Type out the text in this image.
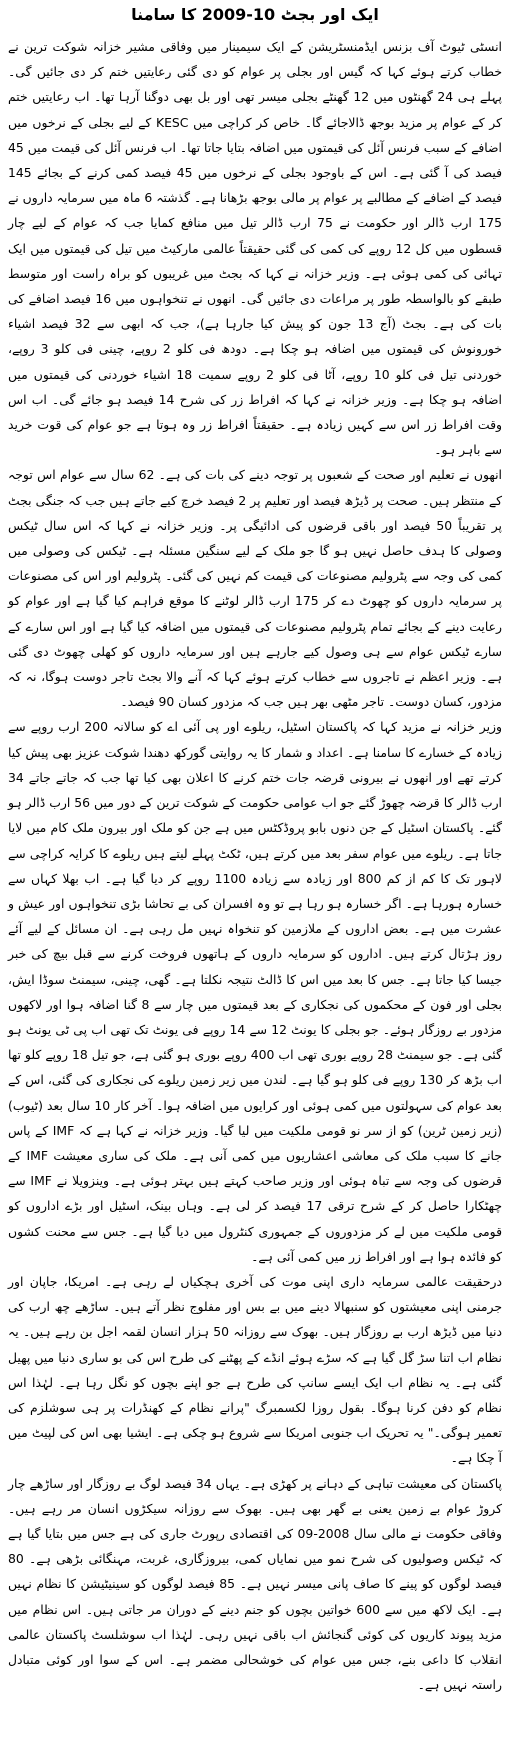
ایک اور بجٹ 10-2009 کا سامنا

انسٹی ٹیوٹ آف بزنس ایڈمنسٹریشن کے ایک سیمینار میں وفاقی مشیر خزانہ شوکت ترین نے خطاب کرتے ہوئے کہا کہ گیس اور بجلی پر عوام کو دی گئی رعایتیں ختم کر دی جائیں گی۔ پہلے ہی 24 گھنٹوں میں 12 گھنٹے بجلی میسر تھی اور بل بھی دوگنا آرہا تھا۔ اب رعایتیں ختم کر کے عوام پر مزید بوجھ ڈالاجائے گا۔ خاص کر کراچی میں KESC کے لیے بجلی کے نرخوں میں اضافے کے سبب فرنس آئل کی قیمتوں میں اضافہ بتایا جاتا تھا۔ اب فرنس آئل کی قیمت میں 45 فیصد کی آ گئی ہے۔ اس کے باوجود بجلی کے نرخوں میں 45 فیصد کمی کرنے کے بجائے 145 فیصد کے اضافے کے مطالبے پر عوام پر مالی بوجھ بڑھانا ہے۔ گذشتہ 6 ماہ میں سرمایہ داروں نے 175 ارب ڈالر اور حکومت نے 75 ارب ڈالر تیل میں منافع کمایا جب کہ عوام کے لیے چار قسطوں میں کل 12 روپے کی کمی کی گئی حقیقتاً عالمی مارکیٹ میں تیل کی قیمتوں میں ایک تہائی کی کمی ہوئی ہے۔ وزیر خزانہ نے کہا کہ بجٹ میں غریبوں کو براہ راست اور متوسط طبقے کو بالواسطہ طور پر مراعات دی جائیں گی۔ انھوں نے تنخواہوں میں 16 فیصد اضافے کی بات کی ہے۔ بجٹ (آج 13 جون کو پیش کیا جارہا ہے)، جب کہ ابھی سے 32 فیصد اشیاء خورونوش کی قیمتوں میں اضافہ ہو چکا ہے۔ دودھ فی کلو 2 روپے، چینی فی کلو 3 روپے، خوردنی تیل فی کلو 10 روپے، آٹا فی کلو 2 روپے سمیت 18 اشیاء خوردنی کی قیمتوں میں اضافہ ہو چکا ہے۔ وزیر خزانہ نے کہا کہ افراط زر کی شرح 14 فیصد ہو جائے گی۔ اب اس وقت افراط زر اس سے کہیں زیادہ ہے۔ حقیقتاً افراط زر وہ ہوتا ہے جو عوام کی قوت خرید سے باہر ہو۔

انھوں نے تعلیم اور صحت کے شعبوں پر توجہ دینے کی بات کی ہے۔ 62 سال سے عوام اس توجہ کے منتظر ہیں۔ صحت پر ڈیڑھ فیصد اور تعلیم پر 2 فیصد خرچ کیے جاتے ہیں جب کہ جنگی بجٹ پر تقریباً 50 فیصد اور باقی قرضوں کی ادائیگی پر۔ وزیر خزانہ نے کہا کہ اس سال ٹیکس وصولی کا ہدف حاصل نہیں ہو گا جو ملک کے لیے سنگین مسئلہ ہے۔ ٹیکس کی وصولی میں کمی کی وجہ سے پٹرولیم مصنوعات کی قیمت کم نہیں کی گئی۔ پٹرولیم اور اس کی مصنوعات پر سرمایہ داروں کو چھوٹ دے کر 175 ارب ڈالر لوٹنے کا موقع فراہم کیا گیا ہے اور عوام کو رعایت دینے کے بجائے تمام پٹرولیم مصنوعات کی قیمتوں میں اضافہ کیا گیا ہے اور اس سارے کے سارے ٹیکس عوام سے ہی وصول کیے جارہے ہیں اور سرمایہ داروں کو کھلی چھوٹ دی گئی ہے۔ وزیر اعظم نے تاجروں سے خطاب کرتے ہوئے کہا کہ آنے والا بجٹ تاجر دوست ہوگا، نہ کہ مزدور، کسان دوست۔ تاجر مٹھی بھر ہیں جب کہ مزدور کسان 90 فیصد۔

وزیر خزانہ نے مزید کہا کہ پاکستان اسٹیل، ریلوے اور پی آئی اے کو سالانہ 200 ارب روپے سے زیادہ کے خسارے کا سامنا ہے۔ اعداد و شمار کا یہ روایتی گورکھ دھندا شوکت عزیز بھی پیش کیا کرتے تھے اور انھوں نے بیرونی قرضہ جات ختم کرنے کا اعلان بھی کیا تھا جب کہ جاتے جاتے 34 ارب ڈالر کا قرضہ چھوڑ گئے جو اب عوامی حکومت کے شوکت ترین کے دور میں 56 ارب ڈالر ہو گئے۔ پاکستان اسٹیل کے جن دنوں بابو پروڈکٹس میں ہے جن کو ملک اور بیرون ملک کام میں لایا جاتا ہے۔ ریلوے میں عوام سفر بعد میں کرتے ہیں، ٹکٹ پہلے لیتے ہیں ریلوے کا کرایہ کراچی سے لاہور تک کا کم از کم 800 اور زیادہ سے زیادہ 1100 روپے کر دیا گیا ہے۔ اب بھلا کہاں سے خسارہ ہورہا ہے۔ اگر خسارہ ہو رہا ہے تو وہ افسران کی بے تحاشا بڑی تنخواہوں اور عیش و عشرت میں ہے۔ بعض اداروں کے ملازمین کو تنخواہ نہیں مل رہی ہے۔ ان مسائل کے لیے آئے روز ہڑتال کرتے ہیں۔ اداروں کو سرمایہ داروں کے ہاتھوں فروخت کرنے سے قبل بیچ کی خبر جیسا کیا جاتا ہے۔ جس کا بعد میں اس کا ڈالٹ نتیجہ نکلتا ہے۔ گھی، چینی، سیمنٹ سوڈا ایش، بجلی اور فون کے محکموں کی نجکاری کے بعد قیمتوں میں چار سے 8 گنا اضافہ ہوا اور لاکھوں مزدور بے روزگار ہوئے۔ جو بجلی کا یونٹ 12 سے 14 روپے فی یونٹ تک تھی اب پی ٹی یونٹ ہو گئی ہے۔ جو سیمنٹ 28 روپے بوری تھی اب 400 روپے بوری ہو گئی ہے، جو تیل 18 روپے کلو تھا اب بڑھ کر 130 روپے فی کلو ہو گیا ہے۔ لندن میں زیر زمین ریلوے کی نجکاری کی گئی، اس کے بعد عوام کی سہولتوں میں کمی ہوئی اور کرایوں میں اضافہ ہوا۔ آخر کار 10 سال بعد (ٹیوب) (زیر زمین ٹرین) کو از سر نو قومی ملکیت میں لیا گیا۔ وزیر خزانہ نے کہا ہے کہ IMF کے پاس جانے کا سبب ملک کی معاشی اعشاریوں میں کمی آنی ہے۔ ملک کی ساری معیشت IMF کے قرضوں کی وجہ سے تباہ ہوئی اور وزیر صاحب کہتے ہیں بہتر ہوئی ہے۔ وینزویلا نے IMF سے چھٹکارا حاصل کر کے شرح ترقی 17 فیصد کر لی ہے۔ وہاں بینک، اسٹیل اور بڑے اداروں کو قومی ملکیت میں لے کر مزدوروں کے جمہوری کنٹرول میں دیا گیا ہے۔ جس سے محنت کشوں کو فائدہ ہوا ہے اور افراط زر میں کمی آئی ہے۔

درحقیقت عالمی سرمایہ داری اپنی موت کی آخری ہچکیاں لے رہی ہے۔ امریکا، جاپان اور جرمنی اپنی معیشتوں کو سنبھالا دینے میں بے بس اور مفلوج نظر آتے ہیں۔ ساڑھے چھ ارب کی دنیا میں ڈیڑھ ارب بے روزگار ہیں۔ بھوک سے روزانہ 50 ہزار انسان لقمہ اجل بن رہے ہیں۔ یہ نظام اب اتنا سڑ گل گیا ہے کہ سڑے ہوئے انڈے کے پھٹنے کی طرح اس کی بو ساری دنیا میں پھیل گئی ہے۔ یہ نظام اب ایک ایسے سانپ کی طرح ہے جو اپنے بچوں کو نگل رہا ہے۔ لہٰذا اس نظام کو دفن کرنا ہوگا۔ بقول روزا لکسمبرگ "پرانے نظام کے کھنڈرات پر ہی سوشلزم کی تعمیر ہوگی۔" یہ تحریک اب جنوبی امریکا سے شروع ہو چکی ہے۔ ایشیا بھی اس کی لپیٹ میں آ چکا ہے۔

پاکستان کی معیشت تباہی کے دہانے پر کھڑی ہے۔ یہاں 34 فیصد لوگ بے روزگار اور ساڑھے چار کروڑ عوام بے زمین یعنی بے گھر بھی ہیں۔ بھوک سے روزانہ سیکڑوں انسان مر رہے ہیں۔ وفاقی حکومت نے مالی سال 2008-09 کی اقتصادی رپورٹ جاری کی ہے جس میں بتایا گیا ہے کہ ٹیکس وصولیوں کی شرح نمو میں نمایاں کمی، بیروزگاری، غربت، مہنگائی بڑھی ہے۔ 80 فیصد لوگوں کو پینے کا صاف پانی میسر نہیں ہے۔ 85 فیصد لوگوں کو سینیٹیشن کا نظام نہیں ہے۔ ایک لاکھ میں سے 600 خواتین بچوں کو جنم دینے کے دوران مر جاتی ہیں۔ اس نظام میں مزید پیوند کاریوں کی کوئی گنجائش اب باقی نہیں رہی۔ لہٰذا اب سوشلسٹ پاکستان عالمی انقلاب کا داعی بنے، جس میں عوام کی خوشحالی مضمر ہے۔ اس کے سوا اور کوئی متبادل راستہ نہیں ہے۔
